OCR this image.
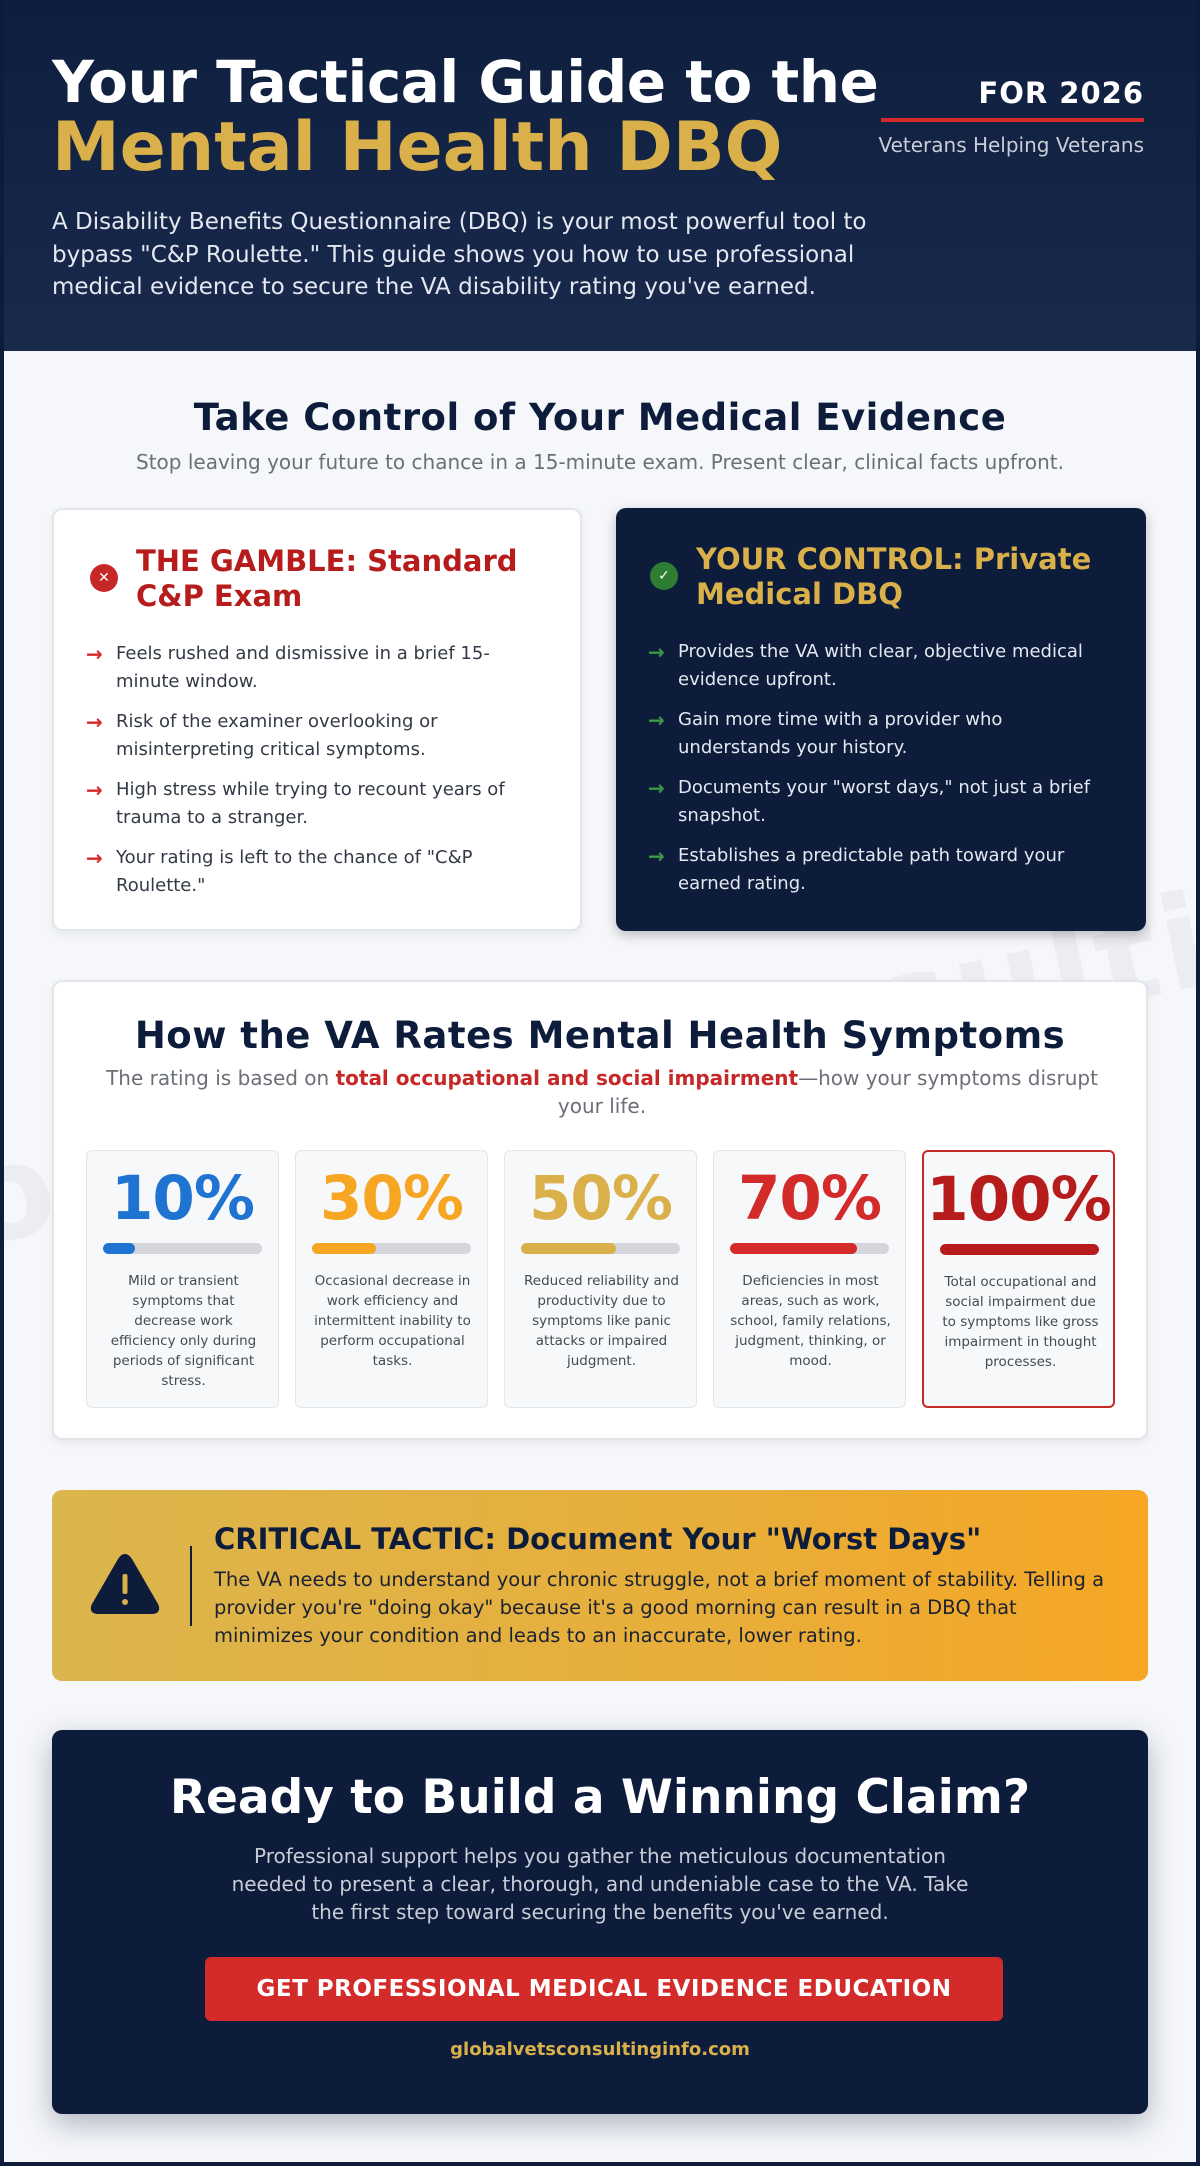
Your Tactical Guide to the
Mental Health DBQ
FOR 2026
Veterans Helping Veterans

A Disability Benefits Questionnaire (DBQ) is your most powerful tool to bypass "C&P Roulette." This guide shows you how to use professional medical evidence to secure the VA disability rating you've earned.

Take Control of Your Medical Evidence
Stop leaving your future to chance in a 15-minute exam. Present clear, clinical facts upfront.
✕ THE GAMBLE: Standard C&P Exam
→ Feels rushed and dismissive in a brief 15-minute window.
→ Risk of the examiner overlooking or misinterpreting critical symptoms.
→ High stress while trying to recount years of trauma to a stranger.
→ Your rating is left to the chance of "C&P Roulette."
✓ YOUR CONTROL: Private Medical DBQ
→ Provides the VA with clear, objective medical evidence upfront.
→ Gain more time with a provider who understands your history.
→ Documents your "worst days," not just a brief snapshot.
→ Establishes a predictable path toward your earned rating.
How the VA Rates Mental Health Symptoms

The rating is based on total occupational and social impairment—how your symptoms disrupt your life.

10%
Mild or transient symptoms that decrease work efficiency only during periods of significant stress.
30%
Occasional decrease in work efficiency and intermittent inability to perform occupational tasks.
50%
Reduced reliability and productivity due to symptoms like panic attacks or impaired judgment.
70%
Deficiencies in most areas, such as work, school, family relations, judgment, thinking, or mood.
100%
Total occupational and social impairment due to symptoms like gross impairment in thought processes.
CRITICAL TACTIC: Document Your "Worst Days"

The VA needs to understand your chronic struggle, not a brief moment of stability. Telling a provider you're "doing okay" because it's a good morning can result in a DBQ that minimizes your condition and leads to an inaccurate, lower rating.

Ready to Build a Winning Claim?

Professional support helps you gather the meticulous documentation needed to present a clear, thorough, and undeniable case to the VA. Take the first step toward securing the benefits you've earned.

GET PROFESSIONAL MEDICAL EVIDENCE EDUCATION
globalvetsconsultinginfo.com
